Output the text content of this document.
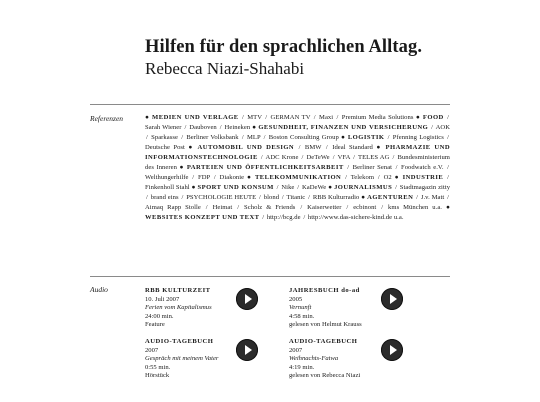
Hilfen für den sprachlichen Alltag.
Rebecca Niazi-Shahabi
Referenzen	● MEDIEN UND VERLAGE / MTV / GERMAN TV / Maxi / Premium Media Solutions ● FOOD / Sarah Wiener / Dauboven / Heineken ● GESUNDHEIT, FINANZEN UND VERSICHERUNG / AOK / Sparkasse / Berliner Volksbank / MLP / Boston Consulting Group ● LOGISTIK / Pfenning Logistics / Deutsche Post ● AUTOMOBIL UND DESIGN / BMW / Ideal Standard ● PHARMAZIE UND INFORMATIONSTECHNOLOGIE / ADC Krone / DeTeWe / VFA / TELES AG / Bundesministerium des Inneren ● PARTEIEN UND ÖFFENTLICHKEITSARBEIT / Berliner Senat / Foodwatch e.V. / Welthungerhilfe / FDP / Diakonie ● TELEKOMMUNIKATION / Telekom / O2 ● INDUSTRIE / Finkenholl Stahl ● SPORT UND KONSUM / Nike / KaDeWe ● JOURNALISMUS / Stadtmagazin zitty / brand eins / PSYCHOLOGIE HEUTE / blond / Titanic / RBB Kulturradio ● AGENTUREN / J.v. Matt / Aimaq Rapp Stolle / Heimat / Scholz & Friends / Kaiserwetter / ecbinont / kms München u.a. ● WEBSITES KONZEPT UND TEXT / http://bcg.de / http://www.das-sichere-kind.de u.a.
Audio	RBB KULTURZEIT
10. Juli 2007
Ferien vom Kapitalismus
24:00 min.
Feature
JAHRESBUCH do-ad
2005
Vernunft
4:58 min.
gelesen von Helmut Krauss
AUDIO-TAGEBUCH
2007
Gespräch mit meinem Vater
0:55 min.
Hörstück
AUDIO-TAGEBUCH
2007
Weihnachts-Fatwa
4:19 min.
gelesen von Rebecca Niazi
